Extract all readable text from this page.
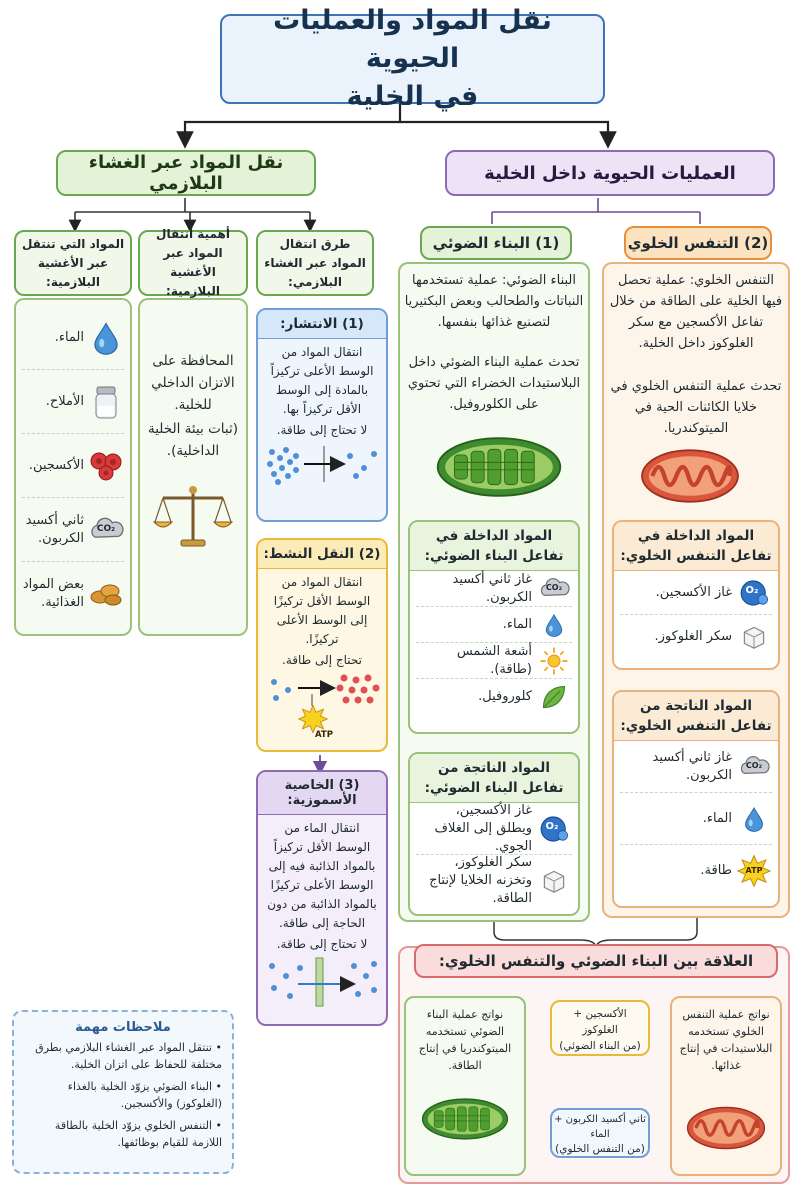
نقل المواد والعمليات الحيوية
في الخلية
نقل المواد عبر الغشاء البلازمي	العمليات الحيوية داخل الخلية
المواد التي تنتقل عبر الأغشية البلازمية:
أهمية انتقال المواد عبر الأغشية البلازمية:
طرق انتقال المواد عبر الغشاء البلازمي:
الماء.
الأملاح.
الأكسجين.
CO₂
ثاني أكسيد الكربون.
بعض المواد الغذائية.
المحافظة على الاتزان الداخلي للخلية.
(ثبات بيئة الخلية الداخلية).
(1) الانتشار:
انتقال المواد من الوسط الأعلى تركيزاً بالمادة إلى الوسط الأقل تركيزاً بها.
لا تحتاج إلى طاقة.
(2) النقل النشط:
انتقال المواد من الوسط الأقل تركيزًا إلى الوسط الأعلى تركيزًا.
تحتاج إلى طاقة.
ATP
(3) الخاصية الأسموزية:
انتقال الماء من الوسط الأقل تركيزاً بالمواد الذائبة فيه إلى الوسط الأعلى تركيزًا بالمواد الذائبة من دون الحاجة إلى طاقة.
لا تحتاج إلى طاقة.
(1) البناء الضوئي
البناء الضوئي: عملية تستخدمها النباتات والطحالب وبعض البكتيريا لتصنيع غذائها بنفسها.
تحدث عملية البناء الضوئي داخل البلاستيدات الخضراء التي تحتوي على الكلوروفيل.
المواد الداخلة في تفاعل البناء الضوئي:
CO₂
غاز ثاني أكسيد الكربون.
الماء.
أشعة الشمس (طاقة).
كلوروفيل.
المواد الناتجة من تفاعل البناء الضوئي:
O₂
غاز الأكسجين، ويطلق إلى الغلاف الجوي.
سكر الغلوكوز، وتخزنه الخلايا لإنتاج الطاقة.
(2) التنفس الخلوي
التنفس الخلوي: عملية تحصل فيها الخلية على الطاقة من خلال تفاعل الأكسجين مع سكر الغلوكوز داخل الخلية.
تحدث عملية التنفس الخلوي في خلايا الكائنات الحية في الميتوكندريا.
المواد الداخلة في تفاعل التنفس الخلوي:
O₂
غاز الأكسجين.
سكر الغلوكوز.
المواد الناتجة من تفاعل التنفس الخلوي:
CO₂
غاز ثاني أكسيد الكربون.
الماء.
ATP
طاقة.
العلاقة بين البناء الضوئي والتنفس الخلوي:
نواتج عملية البناء الضوئي تستخدمه الميتوكندريا في إنتاج الطاقة.
نواتج عملية التنفس الخلوي تستخدمه البلاستيدات في إنتاج غذائها.
الأكسجين + الغلوكوز
(من البناء الضوئي)
ثاني أكسيد الكربون + الماء
(من التنفس الخلوي)
ملاحظات مهمة
• تنتقل المواد عبر الغشاء البلازمي بطرق مختلفة للحفاظ على اتزان الخلية.
• البناء الضوئي يزوّد الخلية بالغذاء (الغلوكوز) والأكسجين.
• التنفس الخلوي يزوّد الخلية بالطاقة اللازمة للقيام بوظائفها.
